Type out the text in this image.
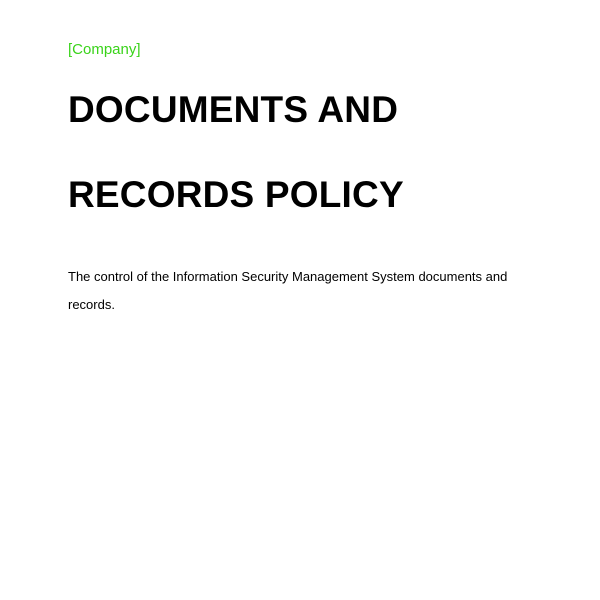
[Company]
DOCUMENTS AND
RECORDS POLICY
The control of the Information Security Management System documents and
records.
